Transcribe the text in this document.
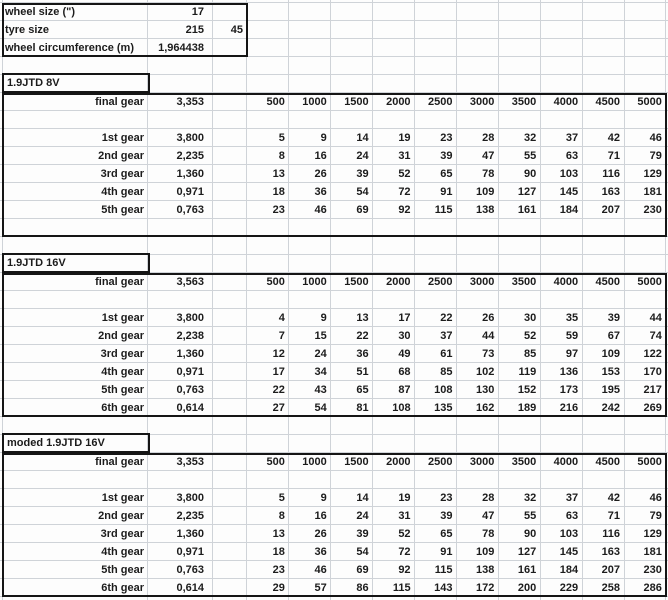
wheel size (")	17
tyre size	215	45
wheel circumference (m)	1,964438
1.9JTD 8V
1.9JTD 16V
moded 1.9JTD 16V
final gear	3,353	500	1000	1500	2000	2500	3000	3500	4000	4500	5000
1st gear	3,800	5	9	14	19	23	28	32	37	42	46
2nd gear	2,235	8	16	24	31	39	47	55	63	71	79
3rd gear	1,360	13	26	39	52	65	78	90	103	116	129
4th gear	0,971	18	36	54	72	91	109	127	145	163	181
5th gear	0,763	23	46	69	92	115	138	161	184	207	230
final gear	3,563	500	1000	1500	2000	2500	3000	3500	4000	4500	5000
1st gear	3,800	4	9	13	17	22	26	30	35	39	44
2nd gear	2,238	7	15	22	30	37	44	52	59	67	74
3rd gear	1,360	12	24	36	49	61	73	85	97	109	122
4th gear	0,971	17	34	51	68	85	102	119	136	153	170
5th gear	0,763	22	43	65	87	108	130	152	173	195	217
6th gear	0,614	27	54	81	108	135	162	189	216	242	269
final gear	3,353	500	1000	1500	2000	2500	3000	3500	4000	4500	5000
1st gear	3,800	5	9	14	19	23	28	32	37	42	46
2nd gear	2,235	8	16	24	31	39	47	55	63	71	79
3rd gear	1,360	13	26	39	52	65	78	90	103	116	129
4th gear	0,971	18	36	54	72	91	109	127	145	163	181
5th gear	0,763	23	46	69	92	115	138	161	184	207	230
6th gear	0,614	29	57	86	115	143	172	200	229	258	286
